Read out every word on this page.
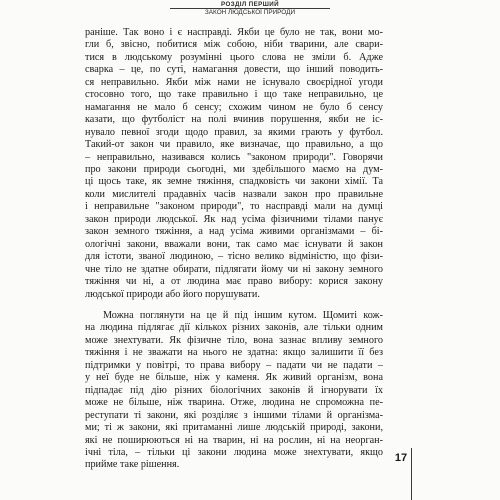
РОЗДІЛ ПЕРШИЙ
ЗАКОН ЛЮДСЬКОЇ ПРИРОДИ
раніше. Так воно і є насправді. Якби це було не так, вони мо-
гли б, звісно, побитися між собою, ніби тварини, але свари-
тися в людському розумінні цього слова не зміли б. Адже
сварка – це, по суті, намагання довести, що інший поводить-
ся неправильно. Якби між нами не існувало своєрідної угоди
стосовно того, що таке правильно і що таке неправильно, це
намагання не мало б сенсу; схожим чином не було б сенсу
казати, що футболіст на полі вчинив порушення, якби не іс-
нувало певної згоди щодо правил, за якими грають у футбол.
Такий-от закон чи правило, яке визначає, що правильно, а що
– неправильно, називався колись "законом природи". Говорячи
про закони природи сьогодні, ми здебільшого маємо на дум-
ці щось таке, як земне тяжіння, спадковість чи закони хімії. Та
коли мислителі прадавніх часів назвали закон про правильне
і неправильне "законом природи", то насправді мали на думці
закон природи людської. Як над усіма фізичними тілами панує
закон земного тяжіння, а над усіма живими організмами – бі-
ологічні закони, вважали вони, так само має існувати й закон
для істоти, званої людиною, – тісно велико відміністю, що фізи-
чне тіло не здатне обирати, підлягати йому чи ні закону земного
тяжіння чи ні, а от людина має право вибору: корися закону
людської природи або його порушувати.
Можна поглянути на це й під іншим кутом. Щомиті кож-
на людина підлягає дії кількох різних законів, але тільки одним
може знехтувати. Як фізичне тіло, вона зазнає впливу земного
тяжіння і не зважати на нього не здатна: якщо залишити її без
підтримки у повітрі, то права вибору – падати чи не падати –
у неї буде не більше, ніж у каменя. Як живий організм, вона
підпадає під дію різних біологічних законів й ігнорувати їх
може не більше, ніж тварина. Отже, людина не спроможна пе-
реступати ті закони, які розділяє з іншими тілами й організма-
ми; ті ж закони, які притаманні лише людській природі, закони,
які не поширюються ні на тварин, ні на рослин, ні на неорган-
ічні тіла, – тільки ці закони людина може знехтувати, якщо
прийме таке рішення.
17
